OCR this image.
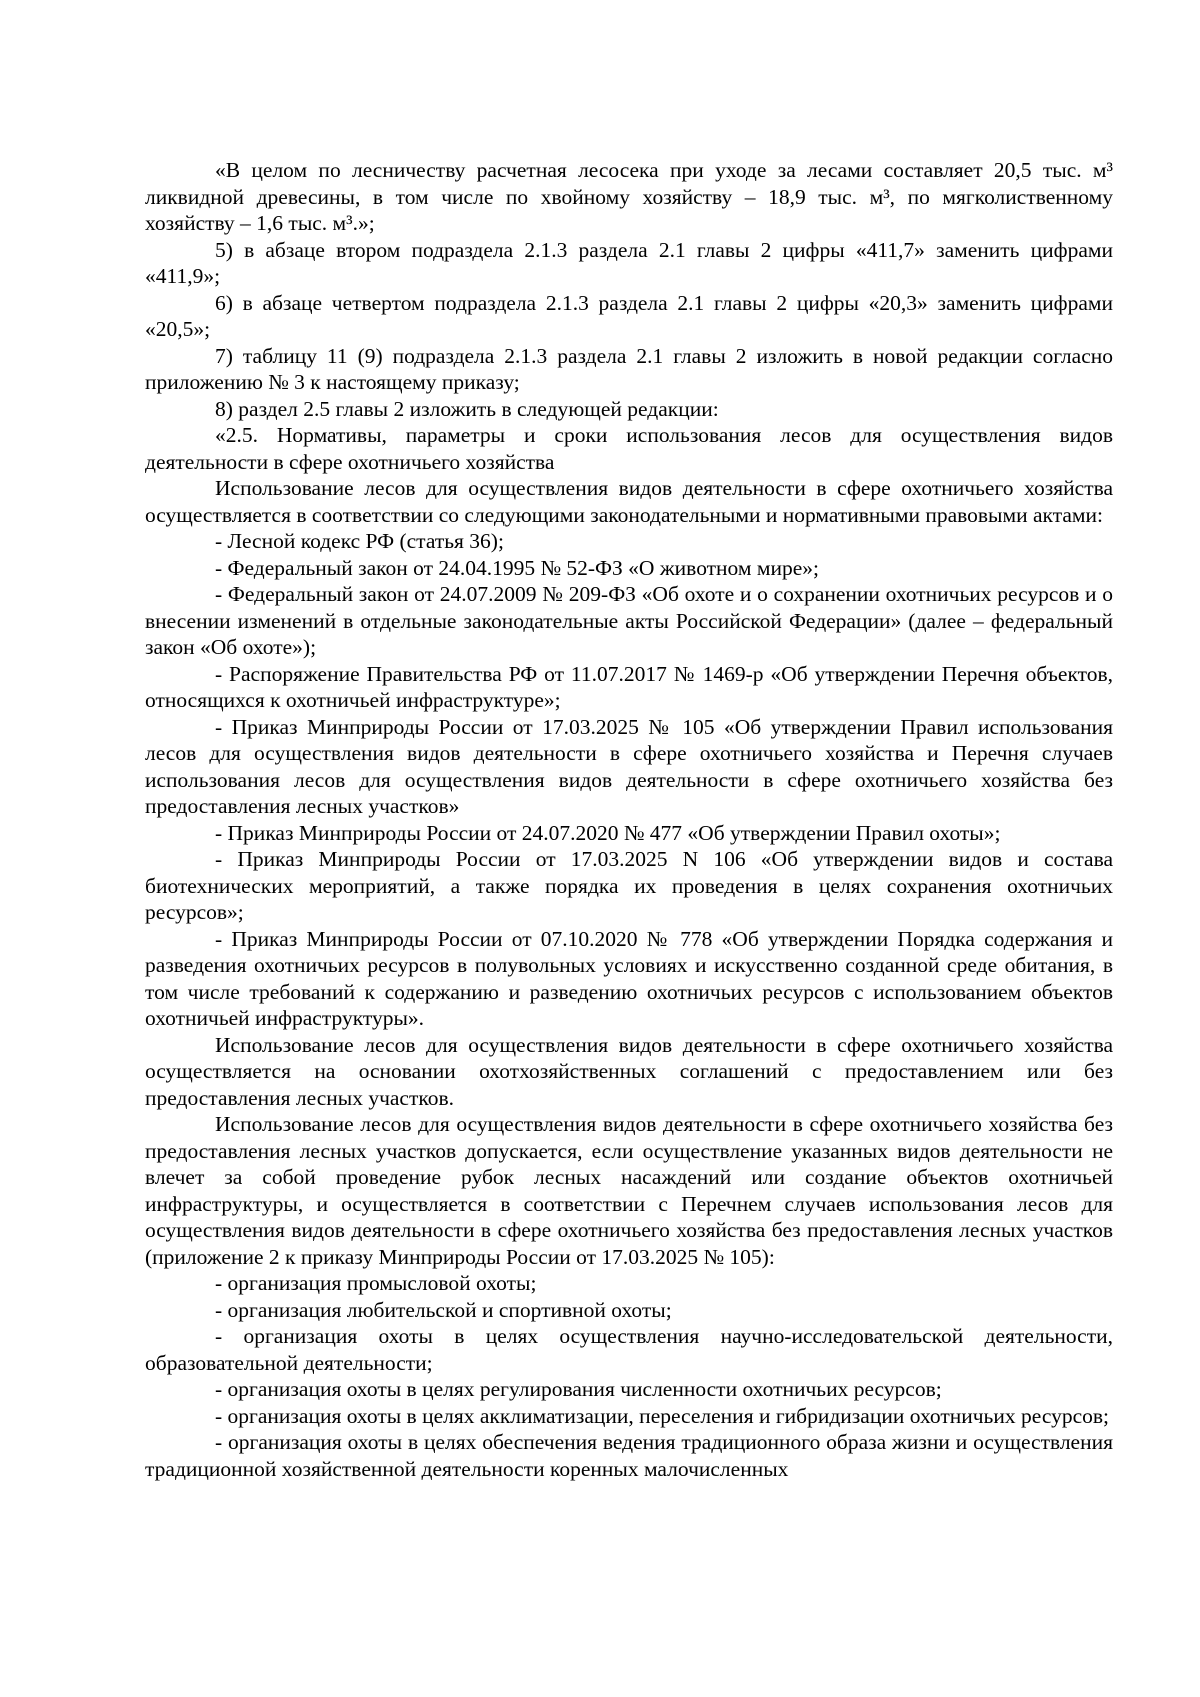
«В целом по лесничеству расчетная лесосека при уходе за лесами составляет 20,5 тыс. м³ ликвидной древесины, в том числе по хвойному хозяйству – 18,9 тыс. м³, по мягколиственному хозяйству – 1,6 тыс. м³.»;

5) в абзаце втором подраздела 2.1.3 раздела 2.1 главы 2 цифры «411,7» заменить цифрами «411,9»;

6) в абзаце четвертом подраздела 2.1.3 раздела 2.1 главы 2 цифры «20,3» заменить цифрами «20,5»;

7) таблицу 11 (9) подраздела 2.1.3 раздела 2.1 главы 2 изложить в новой редакции согласно приложению № 3 к настоящему приказу;

8) раздел 2.5 главы 2 изложить в следующей редакции:

«2.5. Нормативы, параметры и сроки использования лесов для осуществления видов деятельности в сфере охотничьего хозяйства

Использование лесов для осуществления видов деятельности в сфере охотничьего хозяйства осуществляется в соответствии со следующими законодательными и нормативными правовыми актами:

- Лесной кодекс РФ (статья 36);

- Федеральный закон от 24.04.1995 № 52-ФЗ «О животном мире»;

- Федеральный закон от 24.07.2009 № 209-ФЗ «Об охоте и о сохранении охотничьих ресурсов и о внесении изменений в отдельные законодательные акты Российской Федерации» (далее – федеральный закон «Об охоте»);

- Распоряжение Правительства РФ от 11.07.2017 № 1469-р «Об утверждении Перечня объектов, относящихся к охотничьей инфраструктуре»;

- Приказ Минприроды России от 17.03.2025 № 105 «Об утверждении Правил использования лесов для осуществления видов деятельности в сфере охотничьего хозяйства и Перечня случаев использования лесов для осуществления видов деятельности в сфере охотничьего хозяйства без предоставления лесных участков»

- Приказ Минприроды России от 24.07.2020 № 477 «Об утверждении Правил охоты»;

- Приказ Минприроды России от 17.03.2025 N 106 «Об утверждении видов и состава биотехнических мероприятий, а также порядка их проведения в целях сохранения охотничьих ресурсов»;

- Приказ Минприроды России от 07.10.2020 № 778 «Об утверждении Порядка содержания и разведения охотничьих ресурсов в полувольных условиях и искусственно созданной среде обитания, в том числе требований к содержанию и разведению охотничьих ресурсов с использованием объектов охотничьей инфраструктуры».

Использование лесов для осуществления видов деятельности в сфере охотничьего хозяйства осуществляется на основании охотхозяйственных соглашений с предоставлением или без предоставления лесных участков.

Использование лесов для осуществления видов деятельности в сфере охотничьего хозяйства без предоставления лесных участков допускается, если осуществление указанных видов деятельности не влечет за собой проведение рубок лесных насаждений или создание объектов охотничьей инфраструктуры, и осуществляется в соответствии с Перечнем случаев использования лесов для осуществления видов деятельности в сфере охотничьего хозяйства без предоставления лесных участков (приложение 2 к приказу Минприроды России от 17.03.2025 № 105):

- организация промысловой охоты;

- организация любительской и спортивной охоты;

- организация охоты в целях осуществления научно-исследовательской деятельности, образовательной деятельности;

- организация охоты в целях регулирования численности охотничьих ресурсов;

- организация охоты в целях акклиматизации, переселения и гибридизации охотничьих ресурсов;

- организация охоты в целях обеспечения ведения традиционного образа жизни и осуществления традиционной хозяйственной деятельности коренных малочисленных
